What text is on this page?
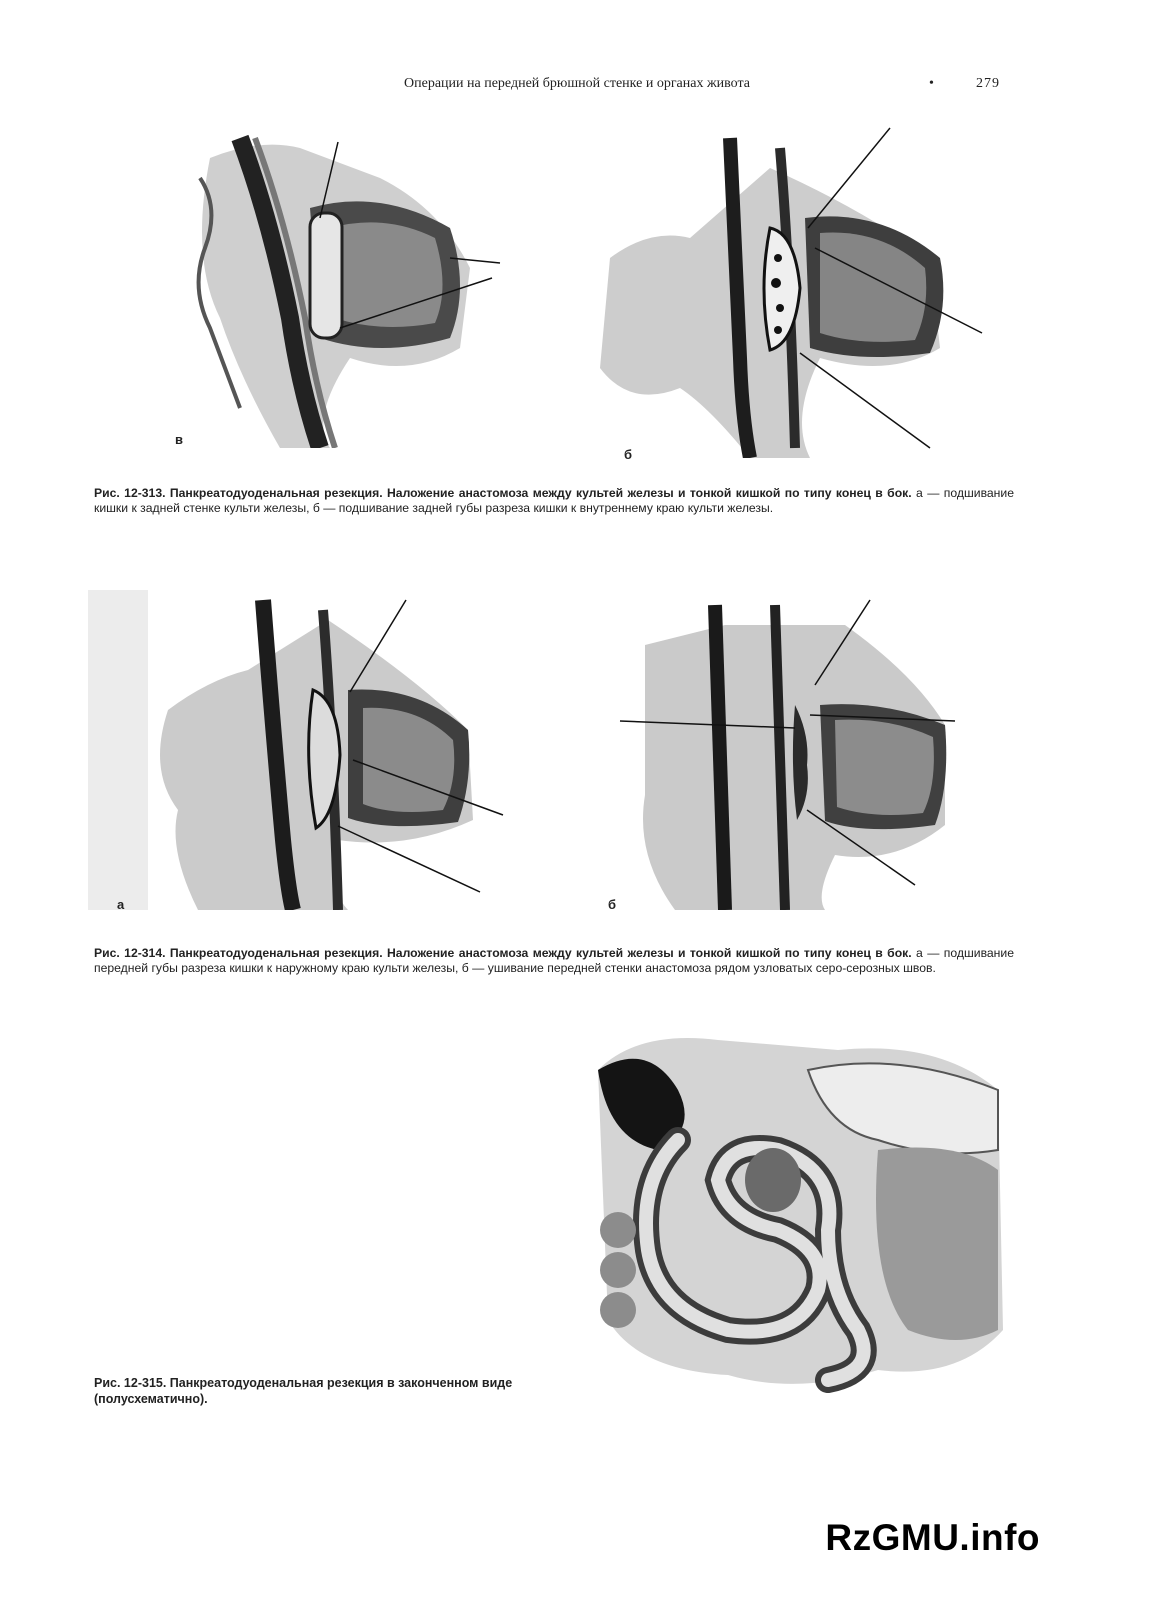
Операции на передней брюшной стенке и органах живота	•	279
в
б
Рис. 12-313. Панкреатодуоденальная резекция. Наложение анастомоза между культей железы и тонкой кишкой по типу конец в бок. а — подшивание кишки к задней стенке культи железы, б — подшивание задней губы разреза кишки к внутреннему краю культи железы.
а	б
Рис. 12-314. Панкреатодуоденальная резекция. Наложение анастомоза между культей железы и тонкой кишкой по типу конец в бок. а — подшивание передней губы разреза кишки к наружному краю культи железы, б — ушивание передней стенки анастомоза рядом узловатых серо-серозных швов.
Рис. 12-315. Панкреатодуоденальная резекция в законченном виде (полусхематично).
RzGMU.info
